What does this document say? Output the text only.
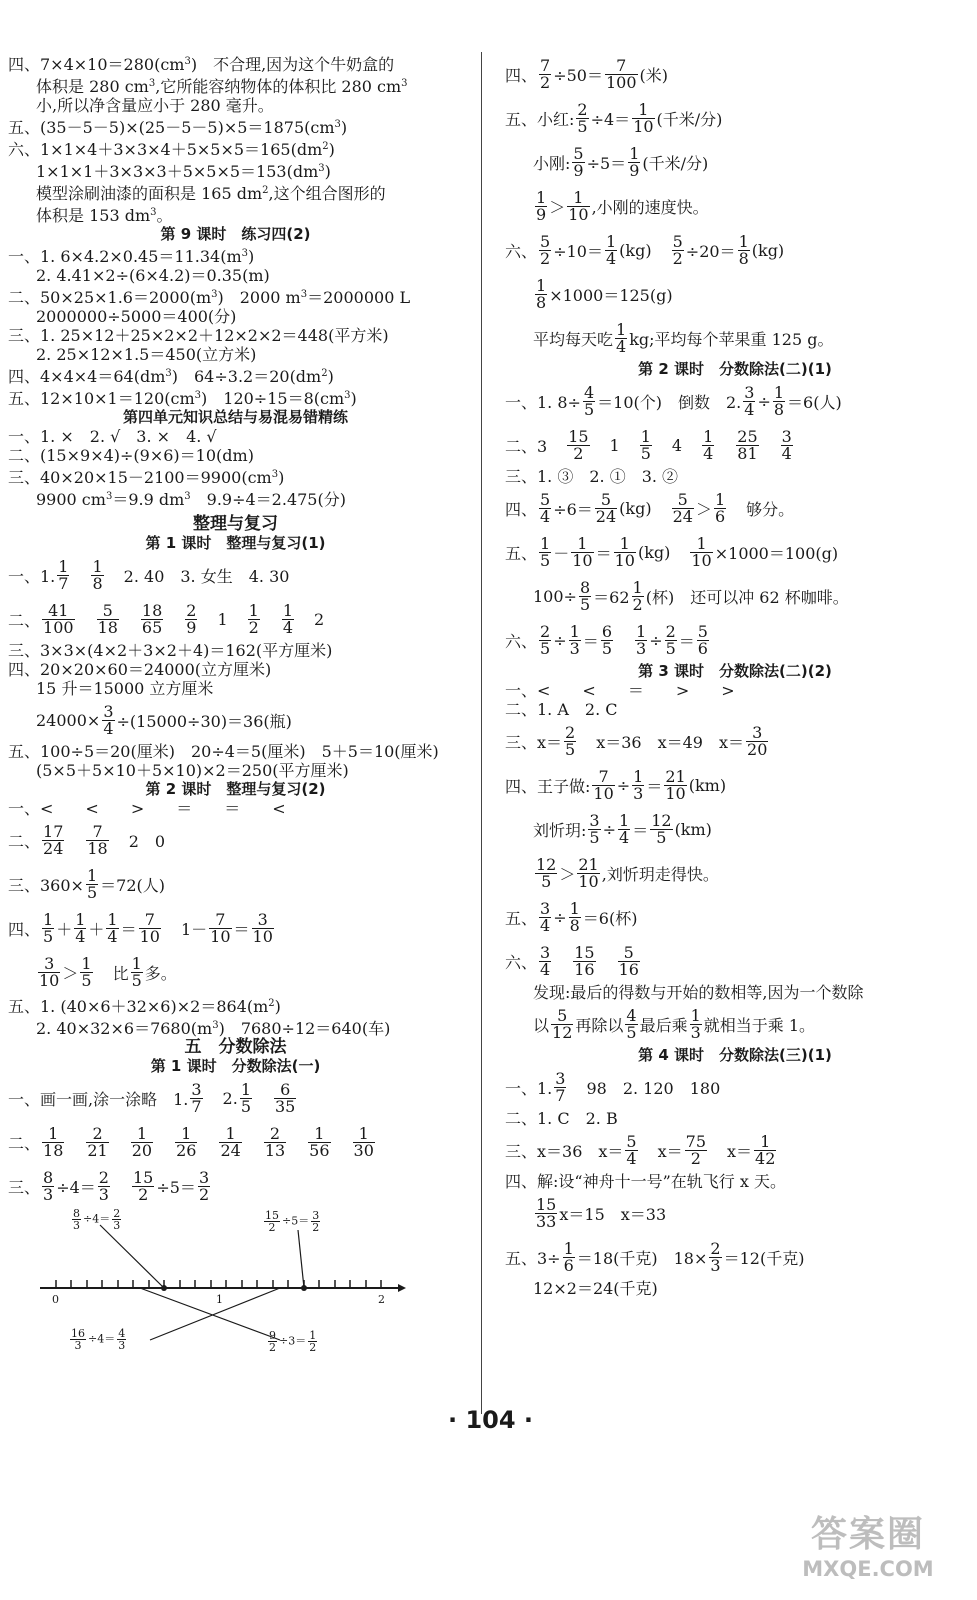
四、$7\times 4\times 10=280(cm^3)$　不合理,因为这个牛奶盒的
体积是 280 $cm^3$,它所能容纳物体的体积比 280 $cm^3$
小,所以净含量应小于 280 毫升。
五、$(35-5-5)\times(25-5-5)\times 5=1875(cm^3)$
六、$1\times 1\times 4+3\times 3\times 4+5\times 5\times 5=165(dm^2)$
$1\times 1\times 1+3\times 3\times 3+5\times 5\times 5=153(dm^3)$
模型涂刷油漆的面积是 165 $dm^2$,这个组合图形的
体积是 153 $dm^3$。
第 9 课时　练习四(2)
一、1. $6\times 4.2\times 0.45=11.34(m^3)$
2. 4.41×2÷(6×4.2)＝0.35(m)
二、$50\times 25\times 1.6=2000(m^3)$　2000 $m^3=2000000$ L
2000000÷5000＝400(分)
三、1. 25×12＋25×2×2＋12×2×2＝448(平方米)
2. 25×12×1.5＝450(立方米)
四、$4\times 4\times 4=64(dm^3)$　$64\div 3.2=20(dm^2)$
五、$12\times 10\times 1=120(cm^3)$　$120\div 15=8(cm^3)$
第四单元知识总结与易混易错精练
一、1. ×　2. √　3. ×　4. √
二、(15×9×4)÷(9×6)＝10(dm)
三、$40\times 20\times 15-2100=9900(cm^3)$
9900 $cm^3=9.9$ $dm^3$　9.9÷4＝2.475(分)
整理与复习
第 1 课时　整理与复习(1)
一、1. $\frac{1}{7} \frac{1}{8} 2$. 40　3. 女生　4. 30
二、 $\frac{41}{100} \frac{5}{18} \frac{18}{65} \frac{2}{9} 1 \frac{1}{2} \frac{1}{4} 2$
三、3×3×(4×2＋3×2＋4)＝162(平方厘米)
四、20×20×60＝24000(立方厘米)
15 升＝15000 立方厘米
$24000\times \frac{3}{4} \div(15000\div 30)=36$(瓶)
五、100÷5＝20(厘米)　20÷4＝5(厘米)　5＋5＝10(厘米)
(5×5＋5×10＋5×10)×2＝250(平方厘米)
第 2 课时　整理与复习(2)
一、<　　<　　>　　＝　　＝　　<
二、 $\frac{17}{24} \frac{7}{18} 2$　0
三、$360\times \frac{1}{5} =72$(人)
四、 $\frac{1}{5} + \frac{1}{4} + \frac{1}{4} = \frac{7}{10} 1- \frac{7}{10} = \frac{3}{10}$
$\frac{3}{10} > \frac{1}{5}$ 比 $\frac{1}{5}$ 多。
五、1. $(40\times 6+32\times 6)\times 2=864(m^2)$
2. $40\times 32\times 6=7680(m^3)$　7680÷12＝640(车)
五　分数除法
第 1 课时　分数除法(一)
一、画一画,涂一涂略　1. $\frac{3}{7} 2$. $\frac{1}{5} \frac{6}{35}$
二、 $\frac{1}{18} \frac{2}{21} \frac{1}{20} \frac{1}{26} \frac{1}{24} \frac{2}{13} \frac{1}{56} \frac{1}{30}$
三、 $\frac{8}{3} \div 4= \frac{2}{3} \frac{15}{2} \div 5= \frac{3}{2}$
0	1	2
$\frac{8}{3} \div 4= \frac{2}{3}$	$\frac{15}{2} \div 5= \frac{3}{2}$
$\frac{16}{3} \div 4= \frac{4}{3}$	$\frac{9}{2} \div 3= \frac{1}{2}$
四、 $\frac{7}{2} \div 50= \frac{7}{100}$ (米)
五、小红: $\frac{2}{5} \div 4= \frac{1}{10}$ (千米/分)
小刚: $\frac{5}{9} \div 5= \frac{1}{9}$ (千米/分)
$\frac{1}{9} > \frac{1}{10}$ ,小刚的速度快。
六、 $\frac{5}{2} \div 10= \frac{1}{4} (kg) \frac{5}{2} \div 20= \frac{1}{8} (kg)$
$\frac{1}{8} \times 1000=125(g)$
平均每天吃 $\frac{1}{4}$ kg;平均每个苹果重 125 g。
第 2 课时　分数除法(二)(1)
一、1. $8\div \frac{4}{5} =10$(个)　倒数　2. $\frac{3}{4} \div \frac{1}{8} =6$ (人)
二、$3 \frac{15}{2} 1 \frac{1}{5} 4 \frac{1}{4} \frac{25}{81} \frac{3}{4}$
三、1. ③　2. ①　3. ②
四、 $\frac{5}{4} \div 6= \frac{5}{24} (kg) \frac{5}{24} > \frac{1}{6}$ 够分。
五、 $\frac{1}{5} - \frac{1}{10} = \frac{1}{10} (kg) \frac{1}{10} \times 1000=100(g)$
$100\div \frac{8}{5} =62 \frac{1}{2}$ (杯)　还可以冲 62 杯咖啡。
六、 $\frac{2}{5} \div \frac{1}{3} = \frac{6}{5} \frac{1}{3} \div \frac{2}{5} = \frac{5}{6}$
第 3 课时　分数除法(二)(2)
一、<　　<　　＝　　>　　>
二、1. A　2. C
三、$x= \frac{2}{5} x=36$　x＝49　$x= \frac{3}{20}$
四、王子做: $\frac{7}{10} \div \frac{1}{3} = \frac{21}{10} (km)$
刘忻玥: $\frac{3}{5} \div \frac{1}{4} = \frac{12}{5} (km)$
$\frac{12}{5} > \frac{21}{10}$ ,刘忻玥走得快。
五、 $\frac{3}{4} \div \frac{1}{8} =6$(杯)
六、 $\frac{3}{4} \frac{15}{16} \frac{5}{16}$
发现:最后的得数与开始的数相等,因为一个数除
以 $\frac{5}{12}$ 再除以 $\frac{4}{5}$ 最后乘 $\frac{1}{3}$ 就相当于乘 1。
第 4 课时　分数除法(三)(1)
一、1. $\frac{3}{7} 98$　2. 120　180
二、1. C　2. B
三、x＝36　$x= \frac{5}{4} x= \frac{75}{2} x= \frac{1}{42}$
四、解:设“神舟十一号”在轨飞行 x 天。
$\frac{15}{33} x=15$　x＝33
五、$3\div \frac{1}{6} =18$(千克)　$18\times \frac{2}{3} =12$(千克)
12×2＝24(千克)
· 104 ·
答案圈
MXQE.COM
